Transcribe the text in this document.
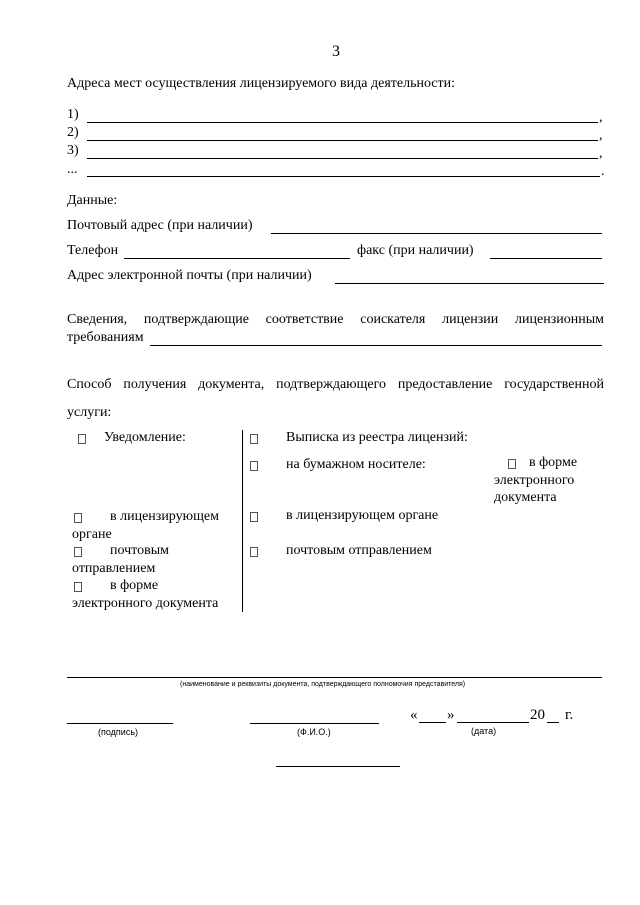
3
Адреса мест осуществления лицензируемого вида деятельности:
1)	,
2)	,
3)	,
...	.
Данные:
Почтовый адрес (при наличии)
Телефон	факс (при наличии)
Адрес электронной почты (при наличии)
Сведения, подтверждающие соответствие соискателя лицензии лицензионным
требованиям
Способ получения документа, подтверждающего предоставление государственной
услуги:
Уведомление:
в лицензирующем
органе
почтовым
отправлением
в форме
электронного документа
Выписка из реестра лицензий:
на бумажном носителе:	в форме
электронного
документа
в лицензирующем органе
почтовым отправлением
(наименование и реквизиты документа, подтверждающего полномочия представителя)
(подпись)	(Ф.И.О.)
« »	20 г.
(дата)
